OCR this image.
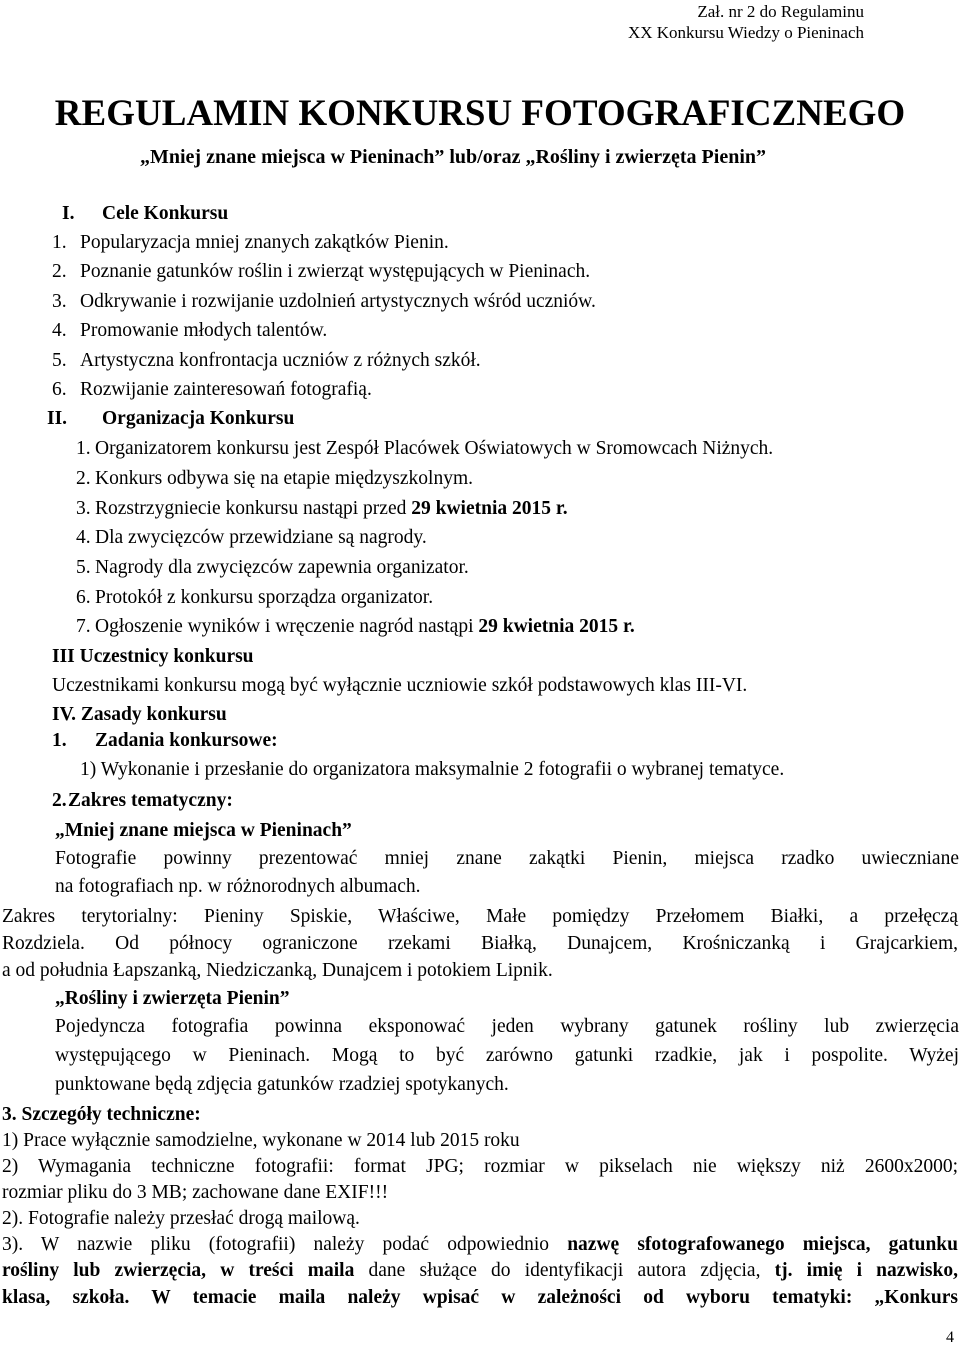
Zał. nr 2 do Regulaminu
XX Konkursu Wiedzy o Pieninach
REGULAMIN KONKURSU FOTOGRAFICZNEGO
„Mniej znane miejsca w Pieninach” lub/oraz „Rośliny i zwierzęta Pienin”
I. Cele Konkursu
1. Popularyzacja mniej znanych zakątków Pienin.
2. Poznanie gatunków roślin i zwierząt występujących w Pieninach.
3. Odkrywanie i rozwijanie uzdolnień artystycznych wśród uczniów.
4. Promowanie młodych talentów.
5. Artystyczna konfrontacja uczniów z różnych szkół.
6. Rozwijanie zainteresowań fotografią.
II. Organizacja Konkursu
1. Organizatorem konkursu jest Zespół Placówek Oświatowych w Sromowcach Niżnych.
2. Konkurs odbywa się na etapie międzyszkolnym.
3. Rozstrzygniecie konkursu nastąpi przed 29 kwietnia 2015 r.
4. Dla zwycięzców przewidziane są nagrody.
5. Nagrody dla zwycięzców zapewnia organizator.
6. Protokół z konkursu sporządza organizator.
7. Ogłoszenie wyników i wręczenie nagród nastąpi 29 kwietnia 2015 r.
III Uczestnicy konkursu
Uczestnikami konkursu mogą być wyłącznie uczniowie szkół podstawowych klas III-VI.
IV. Zasady konkursu
1. Zadania konkursowe:
1) Wykonanie i przesłanie do organizatora maksymalnie 2 fotografii o wybranej tematyce.
2. Zakres tematyczny:
„Mniej znane miejsca w Pieninach”
Fotografie powinny prezentować mniej znane zakątki Pienin, miejsca rzadko uwieczniane
na fotografiach np. w różnorodnych albumach.
Zakres terytorialny: Pieniny Spiskie, Właściwe, Małe pomiędzy Przełomem Białki, a przełęczą
Rozdziela. Od północy ograniczone rzekami Białką, Dunajcem, Krośniczanką i Grajcarkiem,
a od południa Łapszanką, Niedziczanką, Dunajcem i potokiem Lipnik.
„Rośliny i zwierzęta Pienin”
Pojedyncza fotografia powinna eksponować jeden wybrany gatunek rośliny lub zwierzęcia
występującego w Pieninach. Mogą to być zarówno gatunki rzadkie, jak i pospolite. Wyżej
punktowane będą zdjęcia gatunków rzadziej spotykanych.
3. Szczegóły techniczne:
1) Prace wyłącznie samodzielne, wykonane w 2014 lub 2015 roku
2) Wymagania techniczne fotografii: format JPG; rozmiar w pikselach nie większy niż 2600x2000;
rozmiar pliku do 3 MB; zachowane dane EXIF!!!
2). Fotografie należy przesłać drogą mailową.
3). W nazwie pliku (fotografii) należy podać odpowiednio nazwę sfotografowanego miejsca, gatunku
rośliny lub zwierzęcia, w treści maila dane służące do identyfikacji autora zdjęcia, tj. imię i nazwisko,
klasa, szkoła. W temacie maila należy wpisać w zależności od wyboru tematyki: „Konkurs
4
